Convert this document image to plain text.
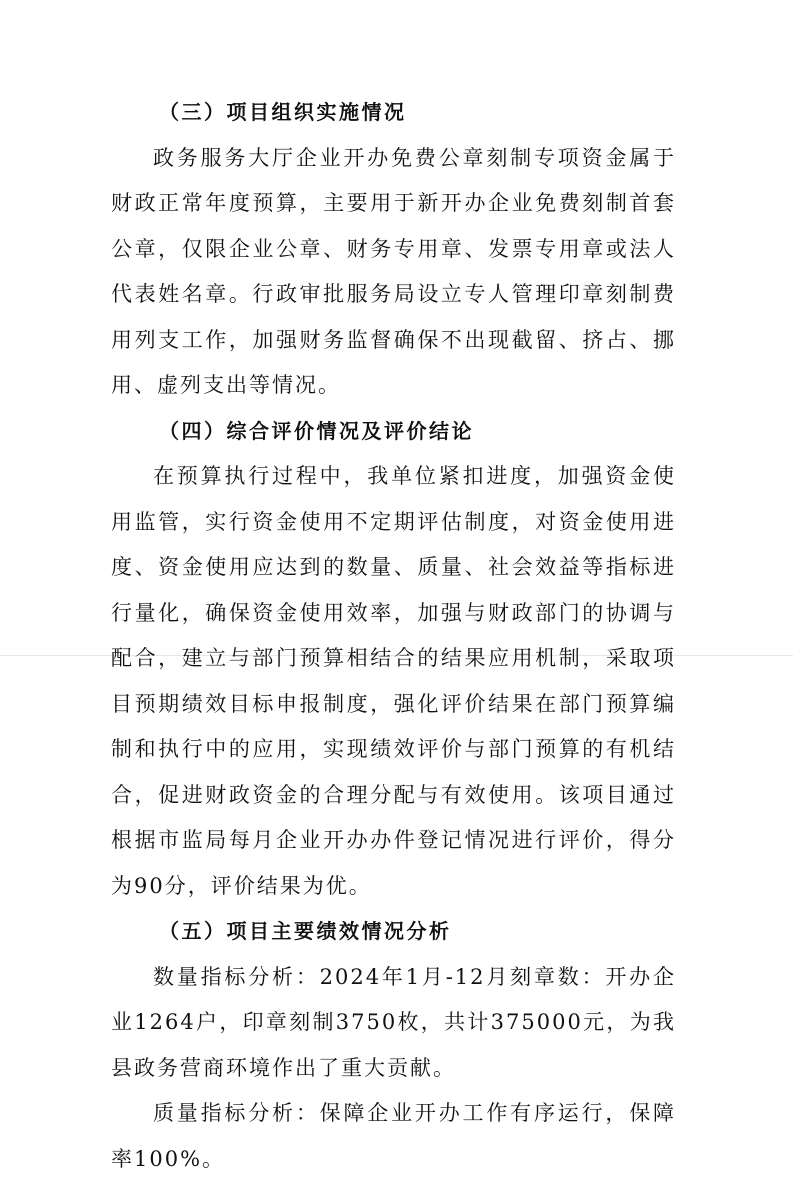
（三）项目组织实施情况

政务服务大厅企业开办免费公章刻制专项资金属于财政正常年度预算，主要用于新开办企业免费刻制首套公章，仅限企业公章、财务专用章、发票专用章或法人代表姓名章。行政审批服务局设立专人管理印章刻制费用列支工作，加强财务监督确保不出现截留、挤占、挪用、虚列支出等情况。

（四）综合评价情况及评价结论

在预算执行过程中，我单位紧扣进度，加强资金使用监管，实行资金使用不定期评估制度，对资金使用进度、资金使用应达到的数量、质量、社会效益等指标进行量化，确保资金使用效率，加强与财政部门的协调与配合，建立与部门预算相结合的结果应用机制，采取项目预期绩效目标申报制度，强化评价结果在部门预算编制和执行中的应用，实现绩效评价与部门预算的有机结合，促进财政资金的合理分配与有效使用。该项目通过根据市监局每月企业开办办件登记情况进行评价，得分为90分，评价结果为优。

（五）项目主要绩效情况分析

数量指标分析：2024年1月-12月刻章数：开办企业1264户，印章刻制3750枚，共计375000元，为我县政务营商环境作出了重大贡献。

质量指标分析：保障企业开办工作有序运行，保障率100%。
